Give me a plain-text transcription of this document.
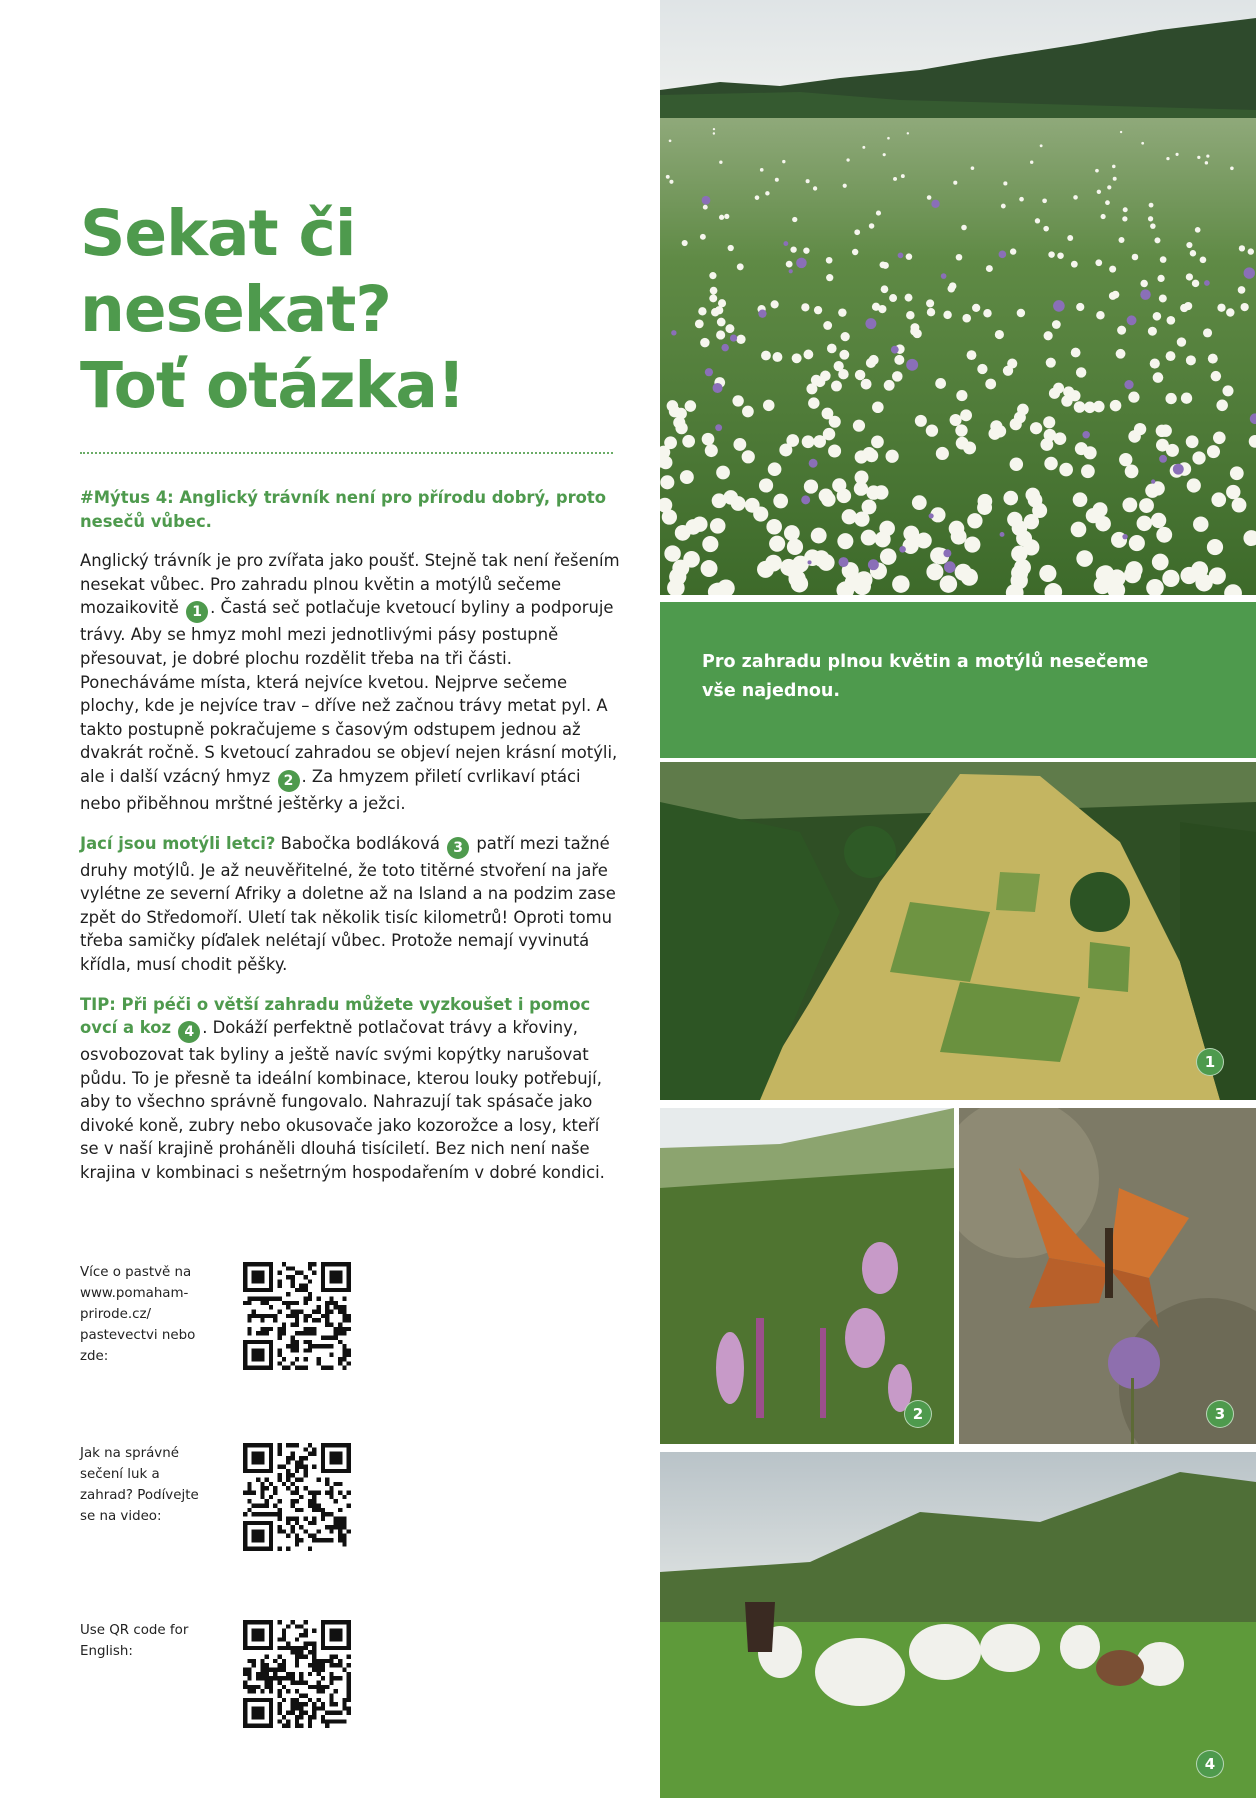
Sekat či
nesekat?
Toť otázka!

#Mýtus 4: Anglický trávník není pro přírodu dobrý, proto nesečů vůbec.

Anglický trávník je pro zvířata jako poušť. Stejně tak není řešením nesekat vůbec. Pro zahradu plnou květin a motýlů sečeme mozaikovitě 1 . Častá seč potlačuje kvetoucí byliny a podporuje trávy. Aby se hmyz mohl mezi jednotlivými pásy postupně přesouvat, je dobré plochu rozdělit třeba na tři části. Ponecháváme místa, která nejvíce kvetou. Nejprve sečeme plochy, kde je nejvíce trav – dříve než začnou trávy metat pyl. A takto postupně pokračujeme s časovým odstupem jednou až dvakrát ročně. S kvetoucí zahradou se objeví nejen krásní motýli, ale i další vzácný hmyz 2 . Za hmyzem přiletí cvrlikaví ptáci nebo přiběhnou mrštné ještěrky a ježci.

Jací jsou motýli letci? Babočka bodláková 3 patří mezi tažné druhy motýlů. Je až neuvěřitelné, že toto titěrné stvoření na jaře vylétne ze severní Afriky a doletne až na Island a na podzim zase zpět do Středomoří. Uletí tak několik tisíc kilometrů! Oproti tomu třeba samičky píďalek nelétají vůbec. Protože nemají vyvinutá křídla, musí chodit pěšky.

TIP: Při péči o větší zahradu můžete vyzkoušet i pomoc ovcí a koz 4 . Dokáží perfektně potlačovat trávy a křoviny, osvobozovat tak byliny a ještě navíc svými kopýtky narušovat půdu. To je přesně ta ideální kombinace, kterou louky potřebují, aby to všechno správně fungovalo. Nahrazují tak spásače jako divoké koně, zubry nebo okusovače jako kozorožce a losy, kteří se v naší krajině proháněli dlouhá tisíciletí. Bez nich není naše krajina v kombinaci s nešetrným hospodařením v dobré kondici.

Více o pastvě na www.pomaham-prirode.cz/ pastevectvi nebo zde:
Jak na správné sečení luk a zahrad? Podívejte se na video:
Use QR code for English:

Pro zahradu plnou květin a motýlů nesečeme vše najednou.

1
2	3
4
